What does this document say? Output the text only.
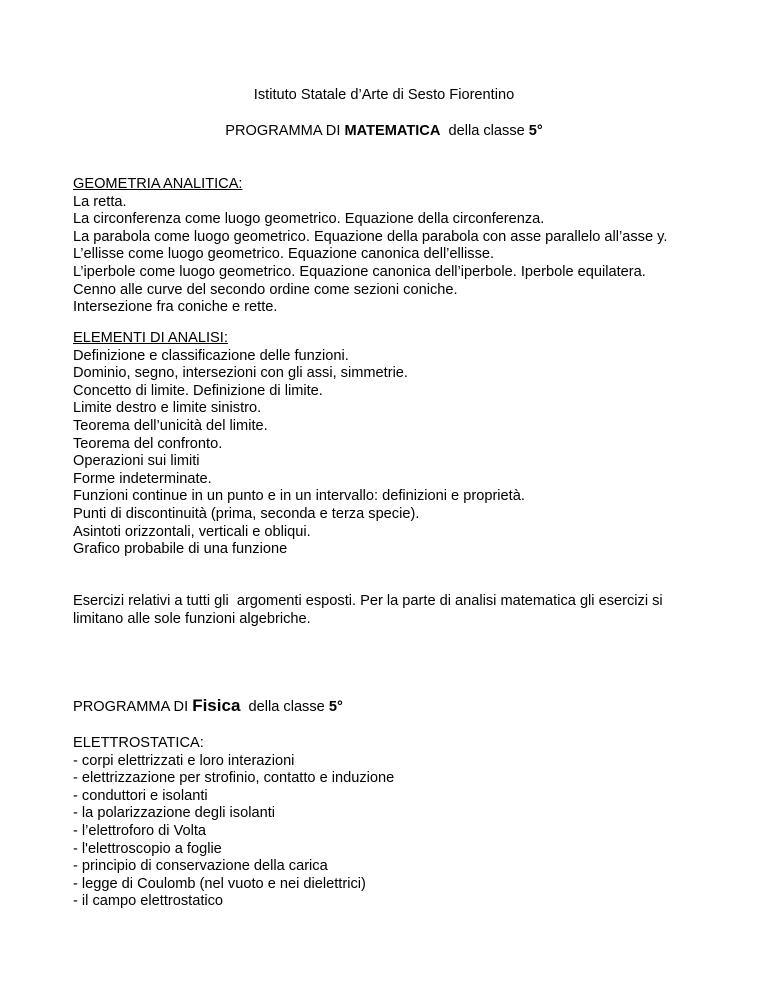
Istituto Statale d’Arte di Sesto Fiorentino
PROGRAMMA DI MATEMATICA  della classe 5°
GEOMETRIA ANALITICA:
La retta.
La circonferenza come luogo geometrico. Equazione della circonferenza.
La parabola come luogo geometrico. Equazione della parabola con asse parallelo all’asse y.
L’ellisse come luogo geometrico. Equazione canonica dell’ellisse.
L’iperbole come luogo geometrico. Equazione canonica dell’iperbole. Iperbole equilatera.
Cenno alle curve del secondo ordine come sezioni coniche.
Intersezione fra coniche e rette.
ELEMENTI DI ANALISI:
Definizione e classificazione delle funzioni.
Dominio, segno, intersezioni con gli assi, simmetrie.
Concetto di limite. Definizione di limite.
Limite destro e limite sinistro.
Teorema dell’unicità del limite.
Teorema del confronto.
Operazioni sui limiti
Forme indeterminate.
Funzioni continue in un punto e in un intervallo: definizioni e proprietà.
Punti di discontinuità (prima, seconda e terza specie).
Asintoti orizzontali, verticali e obliqui.
Grafico probabile di una funzione
Esercizi relativi a tutti gli  argomenti esposti. Per la parte di analisi matematica gli esercizi si
limitano alle sole funzioni algebriche.
PROGRAMMA DI Fisica  della classe 5°
ELETTROSTATICA:
- corpi elettrizzati e loro interazioni
- elettrizzazione per strofinio, contatto e induzione
- conduttori e isolanti
- la polarizzazione degli isolanti
- l’elettroforo di Volta
- l'elettroscopio a foglie
- principio di conservazione della carica
- legge di Coulomb (nel vuoto e nei dielettrici)
- il campo elettrostatico
